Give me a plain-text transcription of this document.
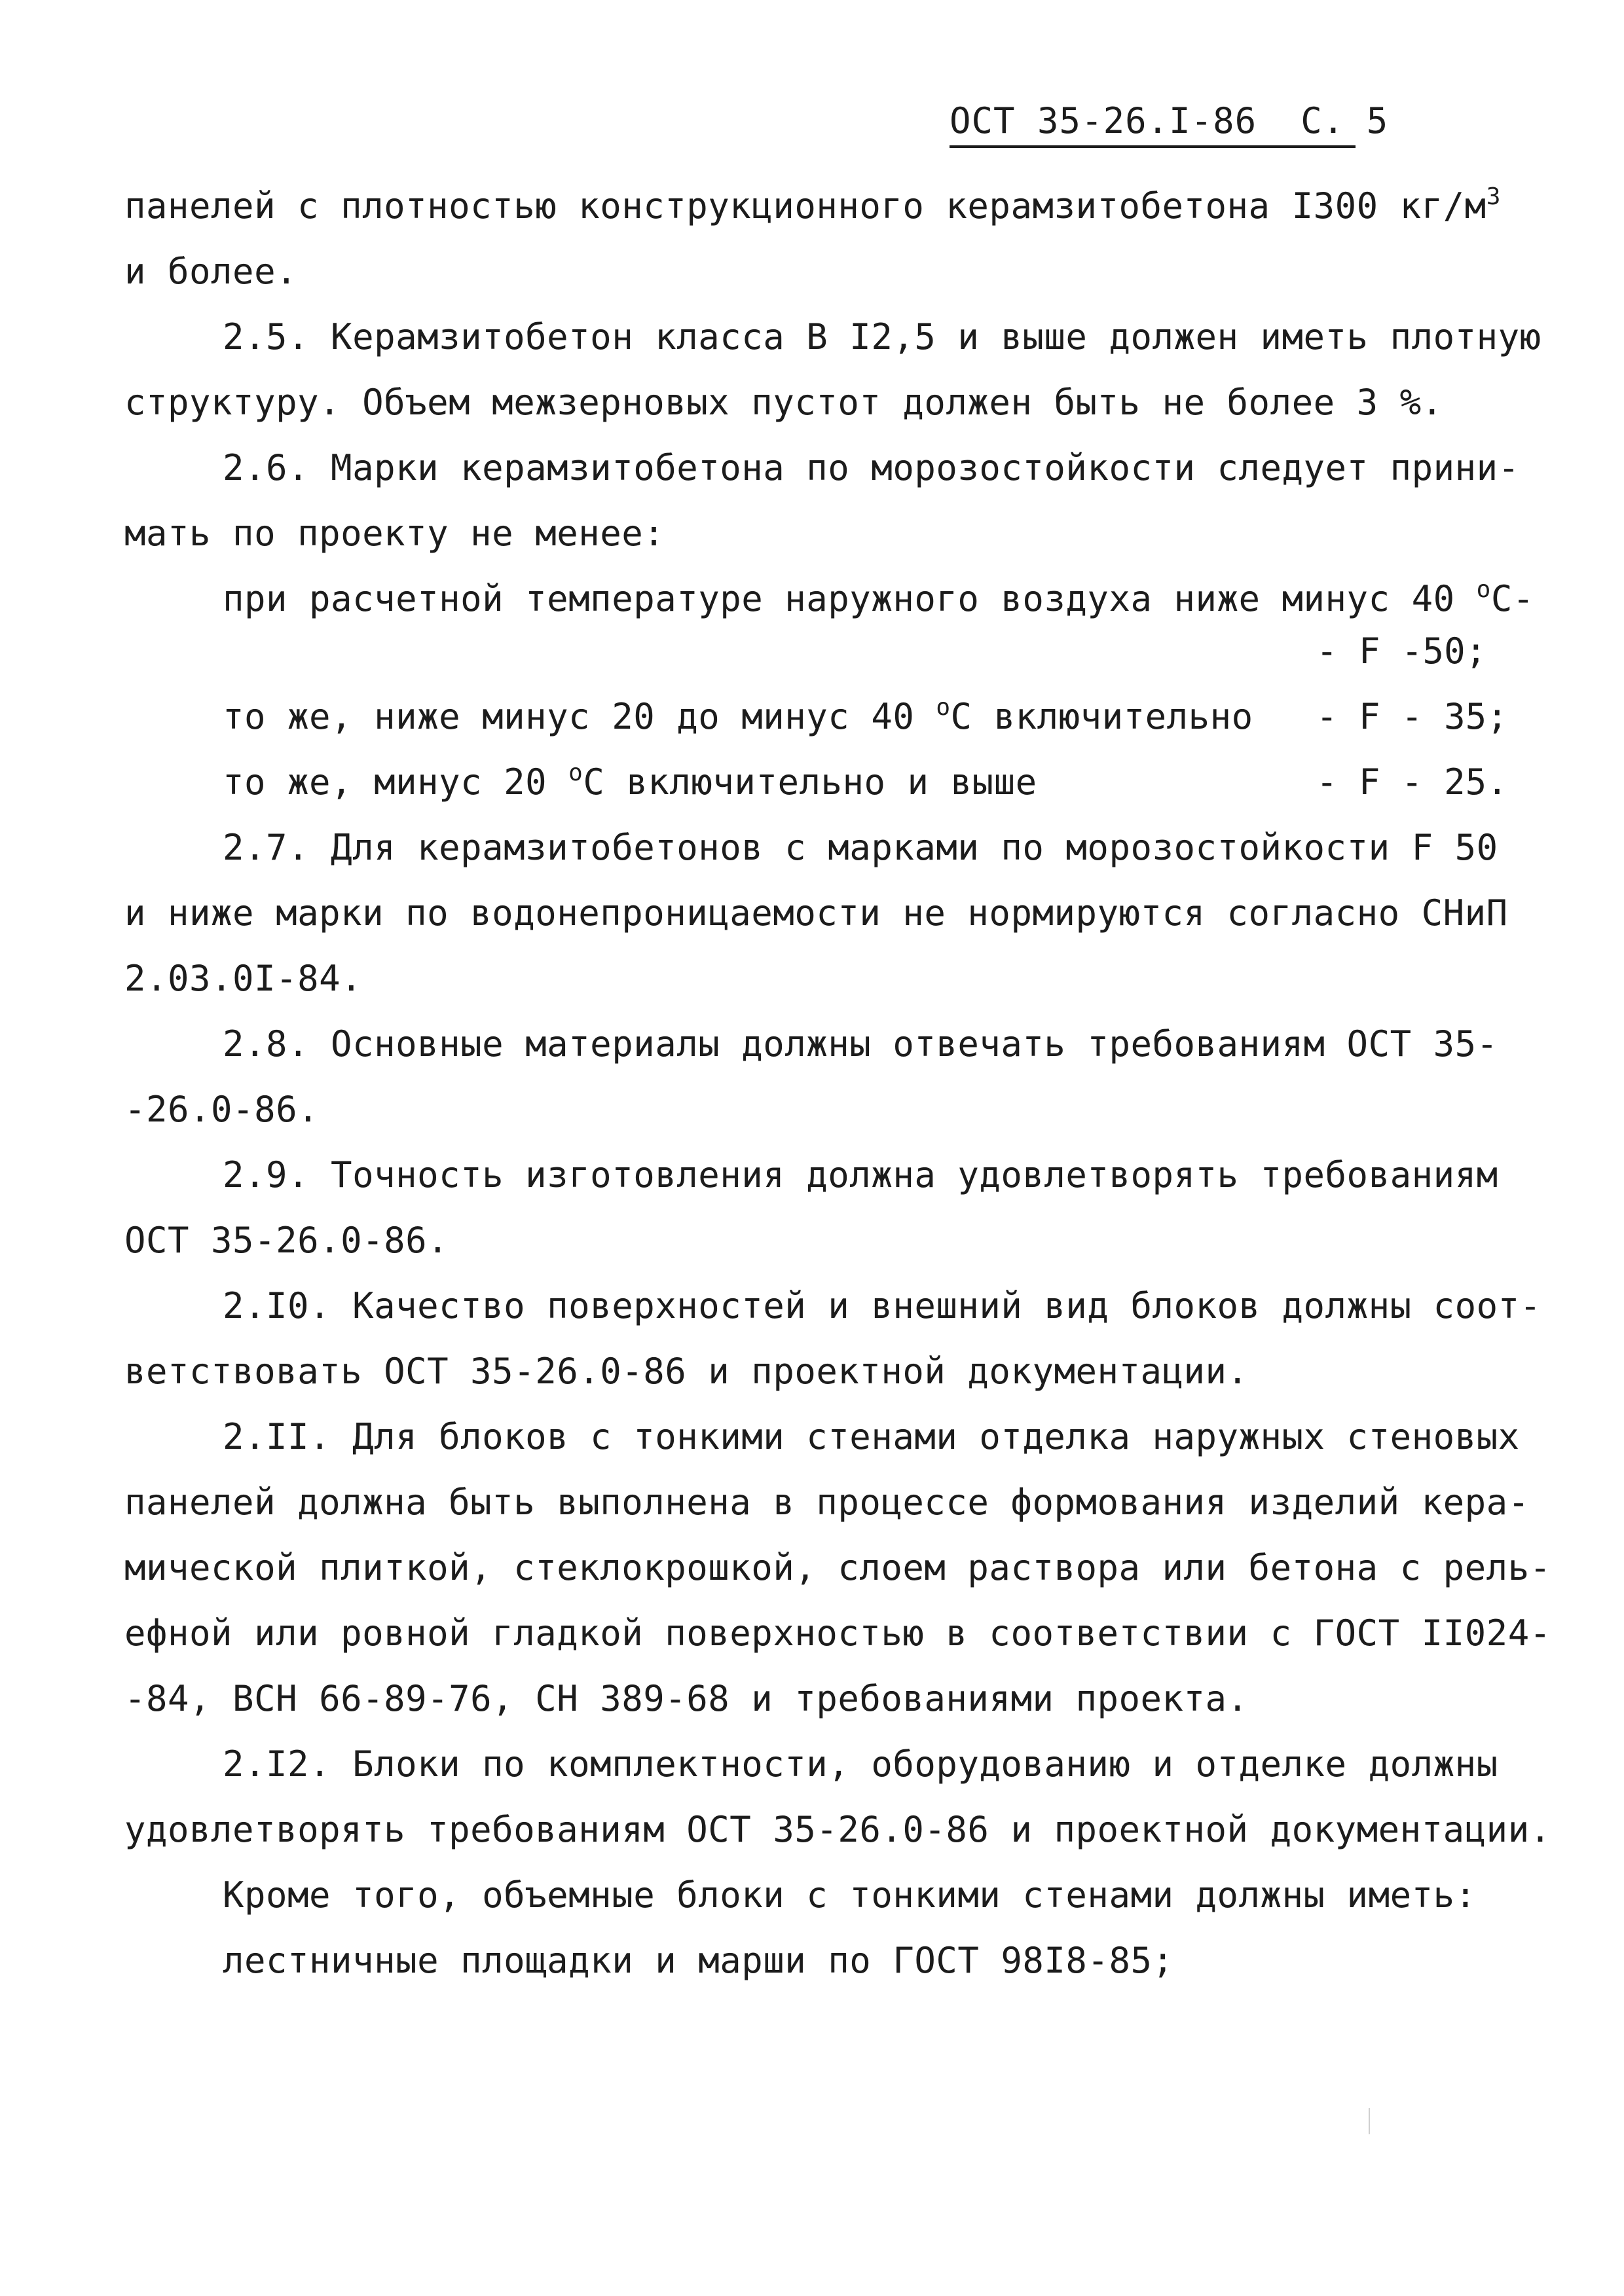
ОСТ 35-26.I-86 С. 5
панелей с плотностью конструкционного керамзитобетона I300 $кг/м^3$
и более.
2.5. Керамзитобетон класса В I2,5 и выше должен иметь плотную
структуру. Объем межзерновых пустот должен быть не более 3 %.
2.6. Марки керамзитобетона по морозостойкости следует прини-
мать по проекту не менее:
при расчетной температуре наружного воздуха ниже минус 40 $^о$С-
- F -50;
то же, ниже минус 20 до минус 40 $^о$С включительно - F - 35;
то же, минус 20 $^о$С включительно и выше	- F - 25.
2.7. Для керамзитобетонов с марками по морозостойкости F 50
и ниже марки по водонепроницаемости не нормируются согласно СНиП
2.03.0I-84.
2.8. Основные материалы должны отвечать требованиям ОСТ 35-
-26.0-86.
2.9. Точность изготовления должна удовлетворять требованиям
ОСТ 35-26.0-86.
2.I0. Качество поверхностей и внешний вид блоков должны соот-
ветствовать ОСТ 35-26.0-86 и проектной документации.
2.II. Для блоков с тонкими стенами отделка наружных стеновых
панелей должна быть выполнена в процессе формования изделий кера-
мической плиткой, стеклокрошкой, слоем раствора или бетона с рель-
ефной или ровной гладкой поверхностью в соответствии с ГОСТ II024-
-84, ВСН 66-89-76, СН 389-68 и требованиями проекта.
2.I2. Блоки по комплектности, оборудованию и отделке должны
удовлетворять требованиям ОСТ 35-26.0-86 и проектной документации.
Кроме того, объемные блоки с тонкими стенами должны иметь:
лестничные площадки и марши по ГОСТ 98I8-85;
